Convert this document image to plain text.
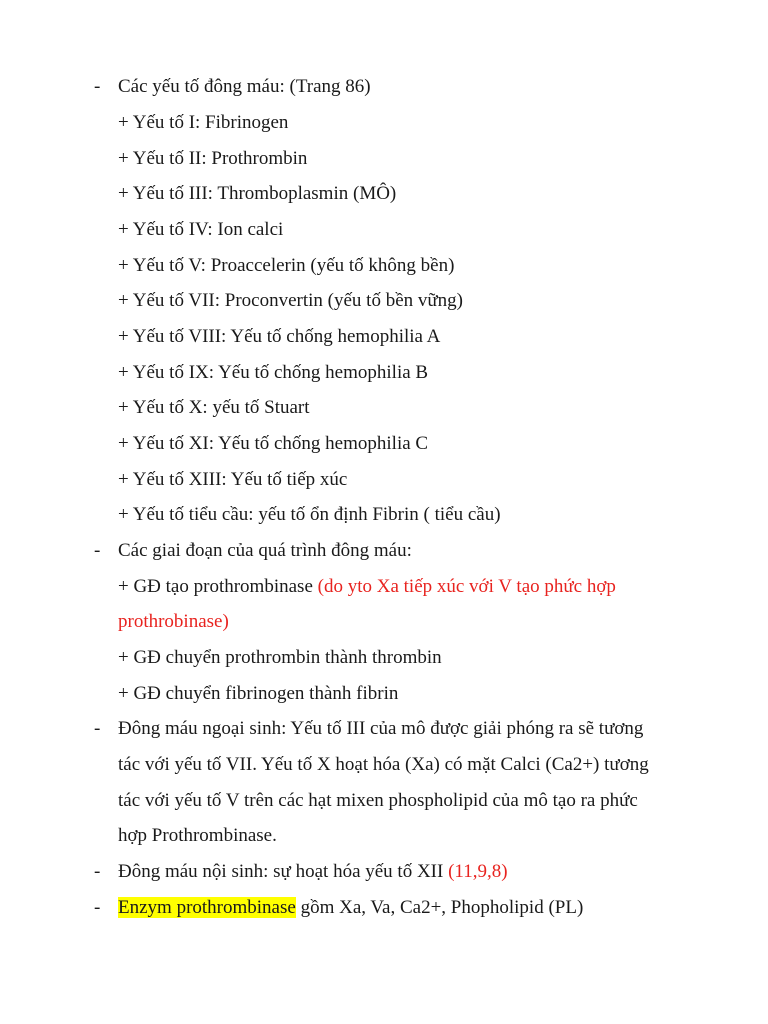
- Các yếu tố đông máu: (Trang 86)
+ Yếu tố I: Fibrinogen
+ Yếu tố II: Prothrombin
+ Yếu tố III: Thromboplasmin (MÔ)
+ Yếu tố IV: Ion calci
+ Yếu tố V: Proaccelerin (yếu tố không bền)
+ Yếu tố VII: Proconvertin (yếu tố bền vững)
+ Yếu tố VIII: Yếu tố chống hemophilia A
+ Yếu tố IX: Yếu tố chống hemophilia B
+ Yếu tố X: yếu tố Stuart
+ Yếu tố XI: Yếu tố chống hemophilia C
+ Yếu tố XIII: Yếu tố tiếp xúc
+ Yếu tố tiểu cầu: yếu tố ổn định Fibrin ( tiểu cầu)
- Các giai đoạn của quá trình đông máu:
+ GĐ tạo prothrombinase (do yto Xa tiếp xúc với V tạo phức hợp
prothrobinase)
+ GĐ chuyển prothrombin thành thrombin
+ GĐ chuyển fibrinogen thành fibrin
- Đông máu ngoại sinh: Yếu tố III của mô được giải phóng ra sẽ tương
tác với yếu tố VII. Yếu tố X hoạt hóa (Xa) có mặt Calci (Ca2+) tương
tác với yếu tố V trên các hạt mixen phospholipid của mô tạo ra phức
hợp Prothrombinase.
- Đông máu nội sinh: sự hoạt hóa yếu tố XII (11,9,8)
- Enzym prothrombinase gồm Xa, Va, Ca2+, Phopholipid (PL)
